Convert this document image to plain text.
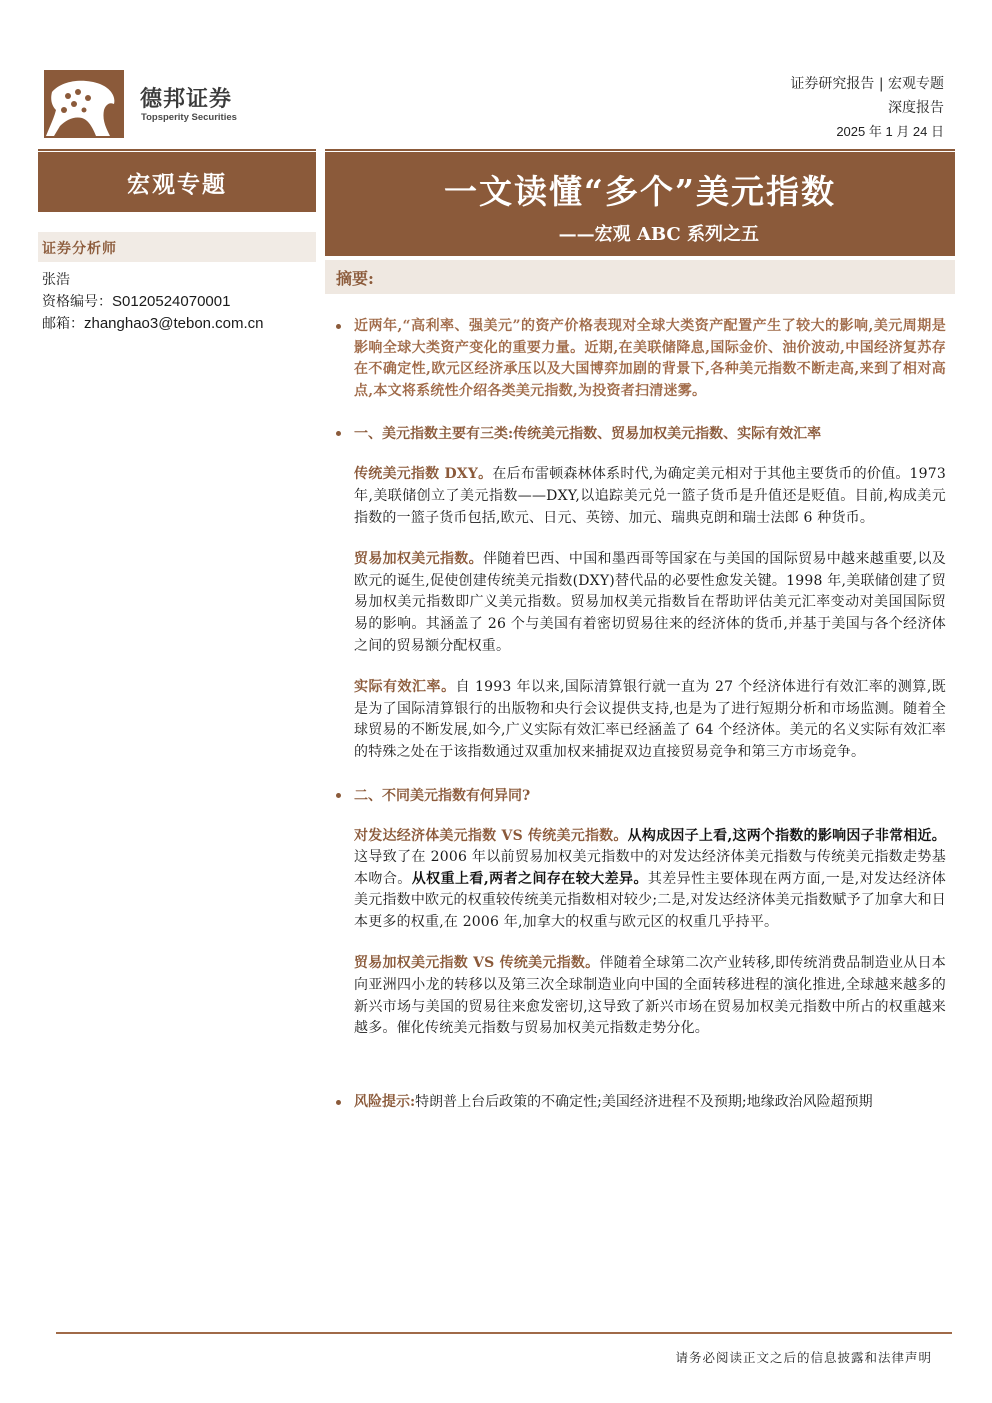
德邦证券
Topsperity Securities
证券研究报告 | 宏观专题
深度报告
2025 年 1 月 24 日
宏观专题	一文读懂“多个”美元指数
——宏观 ABC 系列之五
证券分析师
张浩
资格编号：S0120524070001
邮箱：zhanghao3@tebon.com.cn
摘要:
近两年,“高利率、强美元”的资产价格表现对全球大类资产配置产生了较大的影响,美元周期是影响全球大类资产变化的重要力量。近期,在美联储降息,国际金价、油价波动,中国经济复苏存在不确定性,欧元区经济承压以及大国博弈加剧的背景下,各种美元指数不断走高,来到了相对高点,本文将系统性介绍各类美元指数,为投资者扫清迷雾。
一、美元指数主要有三类:传统美元指数、贸易加权美元指数、实际有效汇率
传统美元指数 DXY。在后布雷顿森林体系时代,为确定美元相对于其他主要货币的价值。1973 年,美联储创立了美元指数——DXY,以追踪美元兑一篮子货币是升值还是贬值。目前,构成美元指数的一篮子货币包括,欧元、日元、英镑、加元、瑞典克朗和瑞士法郎 6 种货币。
贸易加权美元指数。伴随着巴西、中国和墨西哥等国家在与美国的国际贸易中越来越重要,以及欧元的诞生,促使创建传统美元指数(DXY)替代品的必要性愈发关键。1998 年,美联储创建了贸易加权美元指数即广义美元指数。贸易加权美元指数旨在帮助评估美元汇率变动对美国国际贸易的影响。其涵盖了 26 个与美国有着密切贸易往来的经济体的货币,并基于美国与各个经济体之间的贸易额分配权重。
实际有效汇率。自 1993 年以来,国际清算银行就一直为 27 个经济体进行有效汇率的测算,既是为了国际清算银行的出版物和央行会议提供支持,也是为了进行短期分析和市场监测。随着全球贸易的不断发展,如今,广义实际有效汇率已经涵盖了 64 个经济体。美元的名义实际有效汇率的特殊之处在于该指数通过双重加权来捕捉双边直接贸易竞争和第三方市场竞争。
二、不同美元指数有何异同?
对发达经济体美元指数 VS 传统美元指数。从构成因子上看,这两个指数的影响因子非常相近。这导致了在 2006 年以前贸易加权美元指数中的对发达经济体美元指数与传统美元指数走势基本吻合。从权重上看,两者之间存在较大差异。其差异性主要体现在两方面,一是,对发达经济体美元指数中欧元的权重较传统美元指数相对较少;二是,对发达经济体美元指数赋予了加拿大和日本更多的权重,在 2006 年,加拿大的权重与欧元区的权重几乎持平。
贸易加权美元指数 VS 传统美元指数。伴随着全球第二次产业转移,即传统消费品制造业从日本向亚洲四小龙的转移以及第三次全球制造业向中国的全面转移进程的演化推进,全球越来越多的新兴市场与美国的贸易往来愈发密切,这导致了新兴市场在贸易加权美元指数中所占的权重越来越多。催化传统美元指数与贸易加权美元指数走势分化。
风险提示:特朗普上台后政策的不确定性;美国经济进程不及预期;地缘政治风险超预期
请务必阅读正文之后的信息披露和法律声明
